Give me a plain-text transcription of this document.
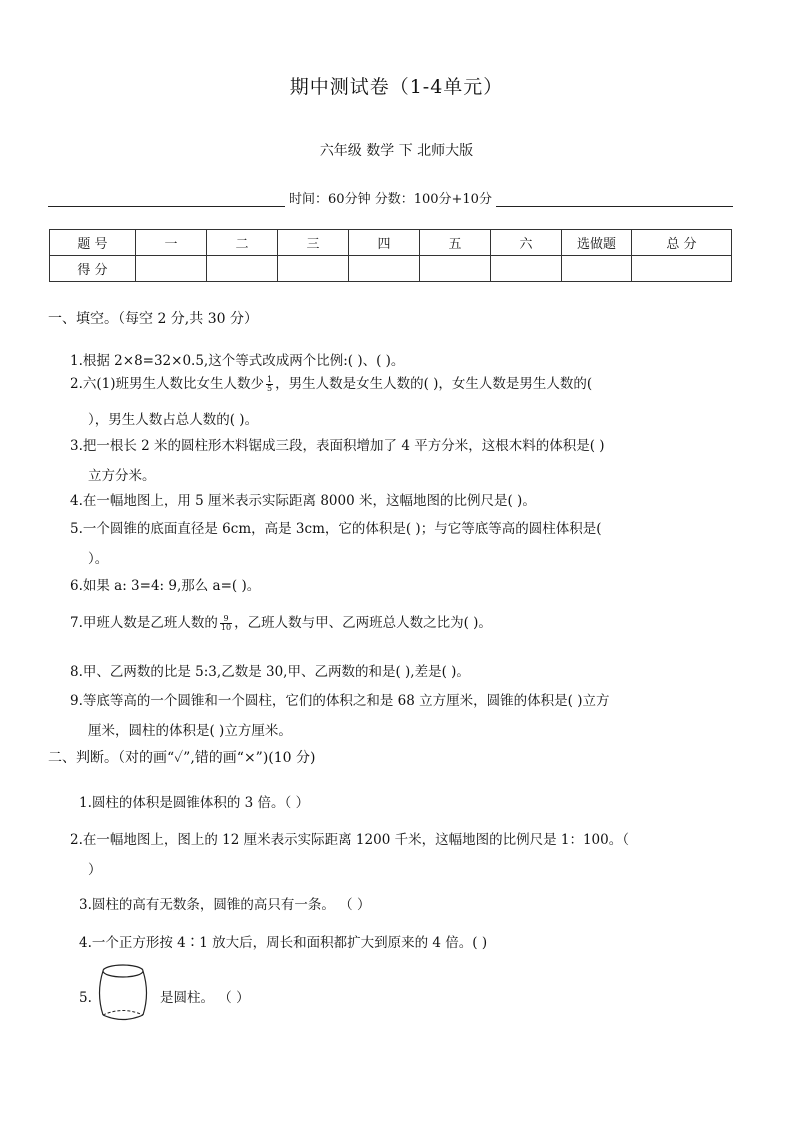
期中测试卷（1-4单元）
六年级 数学 下 北师大版
时间：60分钟 分数：100分+10分
题 号	一	二	三	四	五	六	选做题	总 分
得 分								
一、填空。（每空 2 分,共 30 分）
1.根据 2×8=32×0.5,这个等式改成两个比例:( )、( )。
2.六(1)班男生人数比女生人数少 $\frac{1}{5}$ ，男生人数是女生人数的( )，女生人数是男生人数的(
），男生人数占总人数的( )。
3.把一根长 2 米的圆柱形木料锯成三段，表面积增加了 4 平方分米，这根木料的体积是( )
立方分米。
4.在一幅地图上，用 5 厘米表示实际距离 8000 米，这幅地图的比例尺是( )。
5.一个圆锥的底面直径是 6cm，高是 3cm，它的体积是( )；与它等底等高的圆柱体积是(
）。
6.如果 a: 3=4: 9,那么 a=( )。
7.甲班人数是乙班人数的 $\frac{9}{10}$ ，乙班人数与甲、乙两班总人数之比为( )。
8.甲、乙两数的比是 5:3,乙数是 30,甲、乙两数的和是( ),差是( )。
9.等底等高的一个圆锥和一个圆柱，它们的体积之和是 68 立方厘米，圆锥的体积是( )立方
厘米，圆柱的体积是( )立方厘米。
二、判断。（对的画“✓”,错的画“×”)(10 分)
1.圆柱的体积是圆锥体积的 3 倍。（ ）
2.在一幅地图上，图上的 12 厘米表示实际距离 1200 千米，这幅地图的比例尺是 1：100。（
）
3.圆柱的高有无数条，圆锥的高只有一条。 （ ）
4.一个正方形按 4∶1 放大后，周长和面积都扩大到原来的 4 倍。( )
5.	是圆柱。 （ ）
